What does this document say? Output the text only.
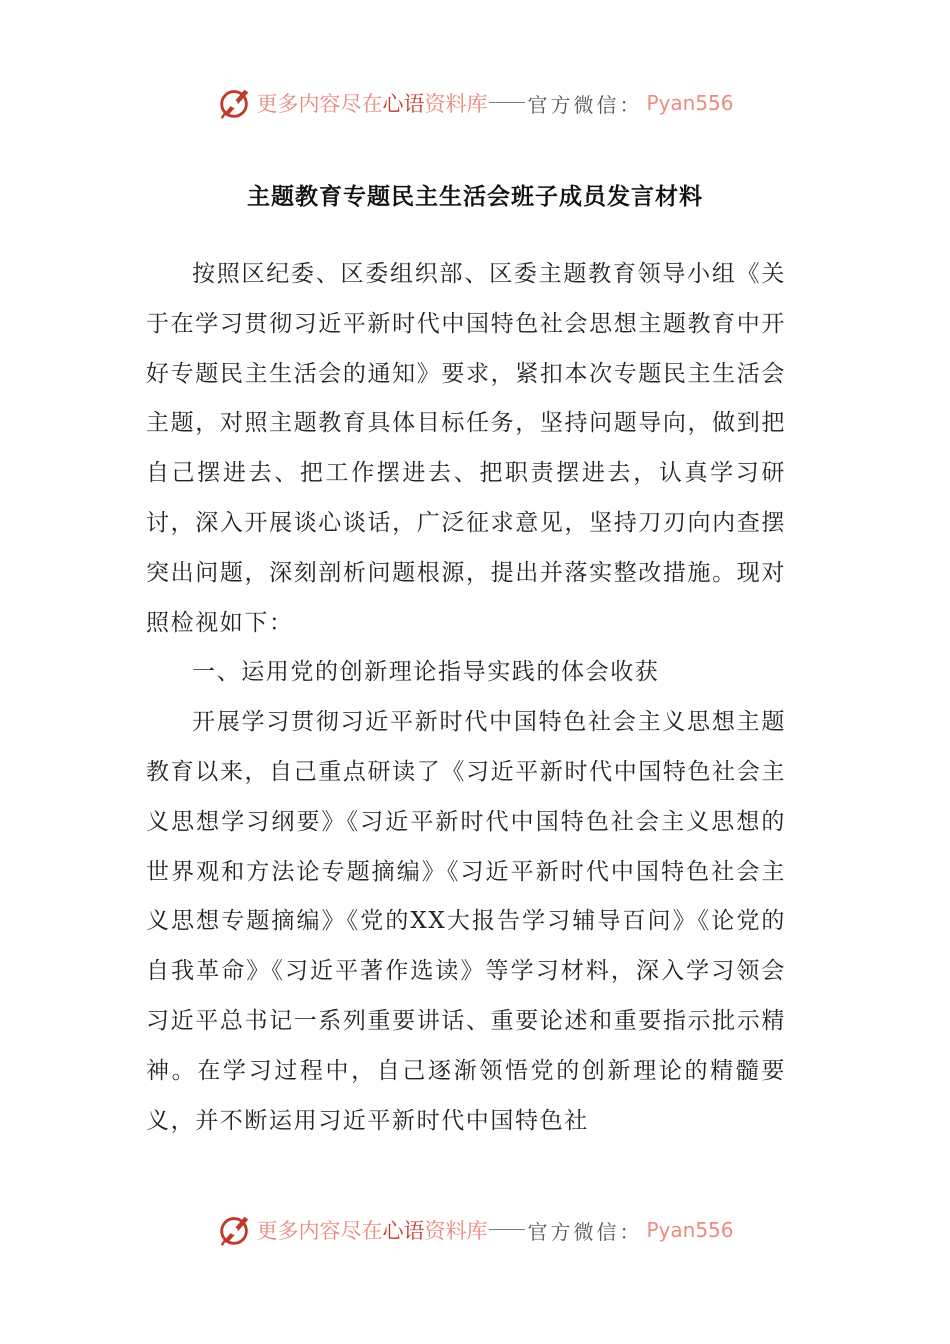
更多内容尽在心语资料库 官方微信： Pyan556
主题教育专题民主生活会班子成员发言材料

按照区纪委、区委组织部、区委主题教育领导小组《关于在学习贯彻习近平新时代中国特色社会思想主题教育中开好专题民主生活会的通知》要求，紧扣本次专题民主生活会主题，对照主题教育具体目标任务，坚持问题导向，做到把自己摆进去、把工作摆进去、把职责摆进去，认真学习研讨，深入开展谈心谈话，广泛征求意见，坚持刀刃向内查摆突出问题，深刻剖析问题根源，提出并落实整改措施。现对照检视如下：

一、运用党的创新理论指导实践的体会收获

开展学习贯彻习近平新时代中国特色社会主义思想主题教育以来，自己重点研读了《习近平新时代中国特色社会主义思想学习纲要》《习近平新时代中国特色社会主义思想的世界观和方法论专题摘编》《习近平新时代中国特色社会主义思想专题摘编》《党的XX大报告学习辅导百问》《论党的自我革命》《习近平著作选读》等学习材料，深入学习领会习近平总书记一系列重要讲话、重要论述和重要指示批示精神。在学习过程中，自己逐渐领悟党的创新理论的精髓要义，并不断运用习近平新时代中国特色社

更多内容尽在心语资料库 官方微信： Pyan556
